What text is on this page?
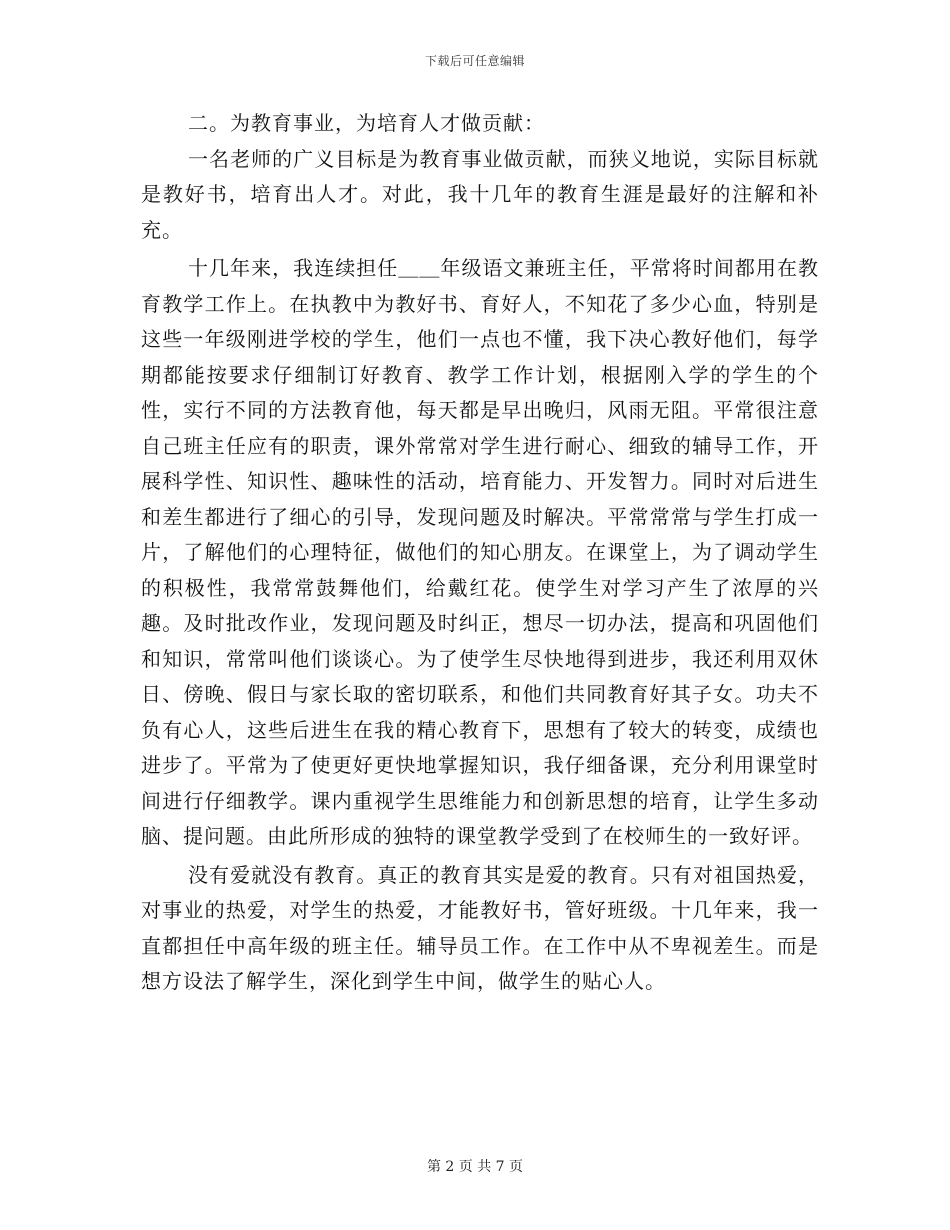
下载后可任意编辑

二。为教育事业，为培育人才做贡献：

一名老师的广义目标是为教育事业做贡献，而狭义地说，实际目标就是教好书，培育出人才。对此，我十几年的教育生涯是最好的注解和补充。

十几年来，我连续担任＿＿年级语文兼班主任，平常将时间都用在教育教学工作上。在执教中为教好书、育好人，不知花了多少心血，特别是这些一年级刚进学校的学生，他们一点也不懂，我下决心教好他们，每学期都能按要求仔细制订好教育、教学工作计划，根据刚入学的学生的个性，实行不同的方法教育他，每天都是早出晚归，风雨无阻。平常很注意自己班主任应有的职责，课外常常对学生进行耐心、细致的辅导工作，开展科学性、知识性、趣味性的活动，培育能力、开发智力。同时对后进生和差生都进行了细心的引导，发现问题及时解决。平常常常与学生打成一片，了解他们的心理特征，做他们的知心朋友。在课堂上，为了调动学生的积极性，我常常鼓舞他们，给戴红花。使学生对学习产生了浓厚的兴趣。及时批改作业，发现问题及时纠正，想尽一切办法，提高和巩固他们和知识，常常叫他们谈谈心。为了使学生尽快地得到进步，我还利用双休日、傍晚、假日与家长取的密切联系，和他们共同教育好其子女。功夫不负有心人，这些后进生在我的精心教育下，思想有了较大的转变，成绩也进步了。平常为了使更好更快地掌握知识，我仔细备课，充分利用课堂时间进行仔细教学。课内重视学生思维能力和创新思想的培育，让学生多动脑、提问题。由此所形成的独特的课堂教学受到了在校师生的一致好评。

没有爱就没有教育。真正的教育其实是爱的教育。只有对祖国热爱，对事业的热爱，对学生的热爱，才能教好书，管好班级。十几年来，我一直都担任中高年级的班主任。辅导员工作。在工作中从不卑视差生。而是想方设法了解学生，深化到学生中间，做学生的贴心人。

第 2 页 共 7 页
